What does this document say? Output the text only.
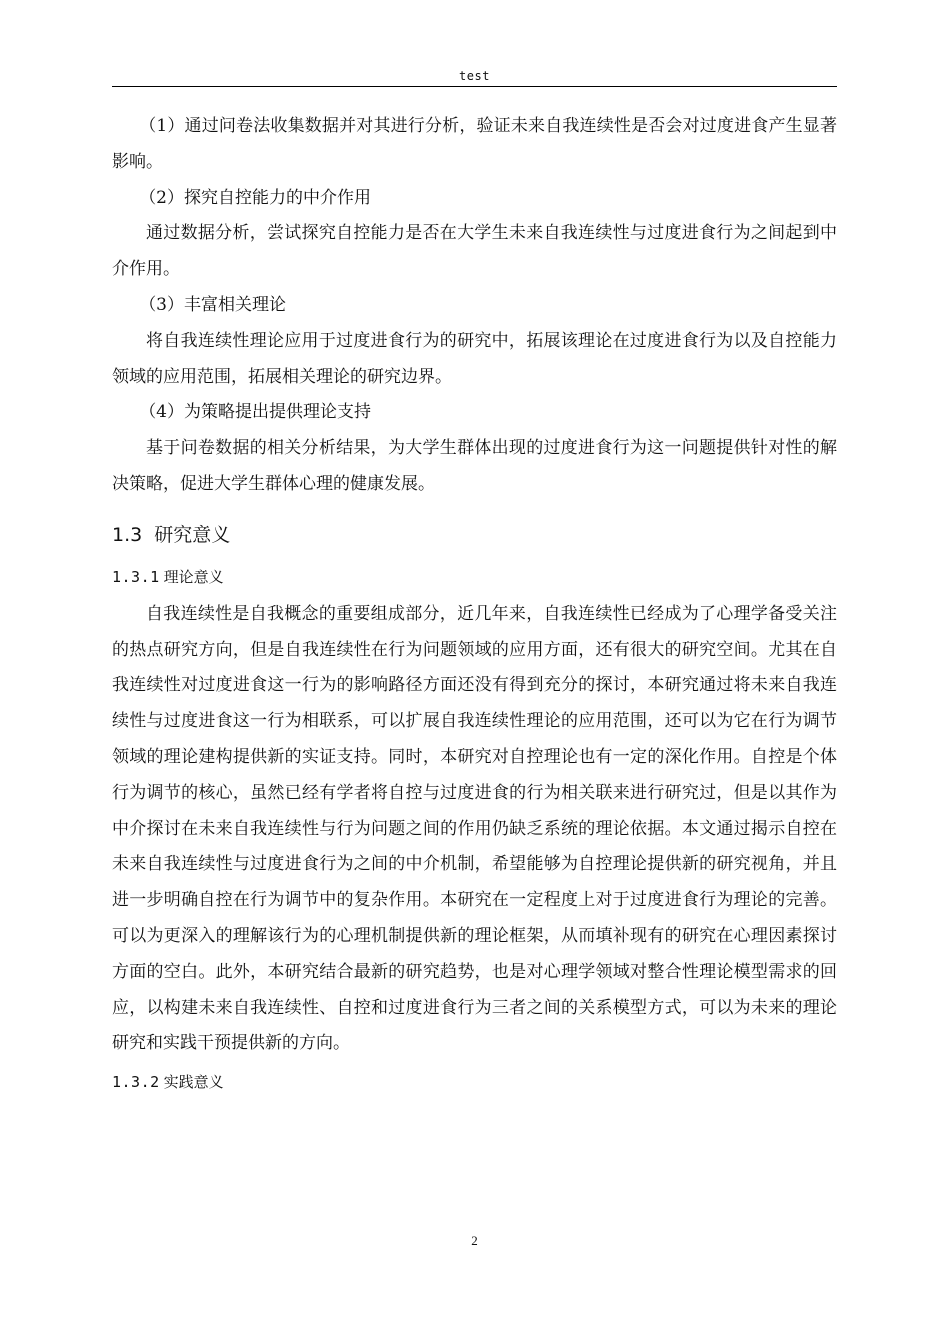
test

（1）通过问卷法收集数据并对其进行分析，验证未来自我连续性是否会对过度进食产生显著影响。

（2）探究自控能力的中介作用

通过数据分析，尝试探究自控能力是否在大学生未来自我连续性与过度进食行为之间起到中介作用。

（3）丰富相关理论

将自我连续性理论应用于过度进食行为的研究中，拓展该理论在过度进食行为以及自控能力领域的应用范围，拓展相关理论的研究边界。

（4）为策略提出提供理论支持

基于问卷数据的相关分析结果，为大学生群体出现的过度进食行为这一问题提供针对性的解决策略，促进大学生群体心理的健康发展。

1.3 研究意义
1.3.1 理论意义

自我连续性是自我概念的重要组成部分，近几年来，自我连续性已经成为了心理学备受关注的热点研究方向，但是自我连续性在行为问题领域的应用方面，还有很大的研究空间。尤其在自我连续性对过度进食这一行为的影响路径方面还没有得到充分的探讨，本研究通过将未来自我连续性与过度进食这一行为相联系，可以扩展自我连续性理论的应用范围，还可以为它在行为调节领域的理论建构提供新的实证支持。同时，本研究对自控理论也有一定的深化作用。自控是个体行为调节的核心，虽然已经有学者将自控与过度进食的行为相关联来进行研究过，但是以其作为中介探讨在未来自我连续性与行为问题之间的作用仍缺乏系统的理论依据。本文通过揭示自控在未来自我连续性与过度进食行为之间的中介机制，希望能够为自控理论提供新的研究视角，并且进一步明确自控在行为调节中的复杂作用。本研究在一定程度上对于过度进食行为理论的完善。可以为更深入的理解该行为的心理机制提供新的理论框架，从而填补现有的研究在心理因素探讨方面的空白。此外，本研究结合最新的研究趋势，也是对心理学领域对整合性理论模型需求的回应，以构建未来自我连续性、自控和过度进食行为三者之间的关系模型方式，可以为未来的理论研究和实践干预提供新的方向。

1.3.2 实践意义
2
